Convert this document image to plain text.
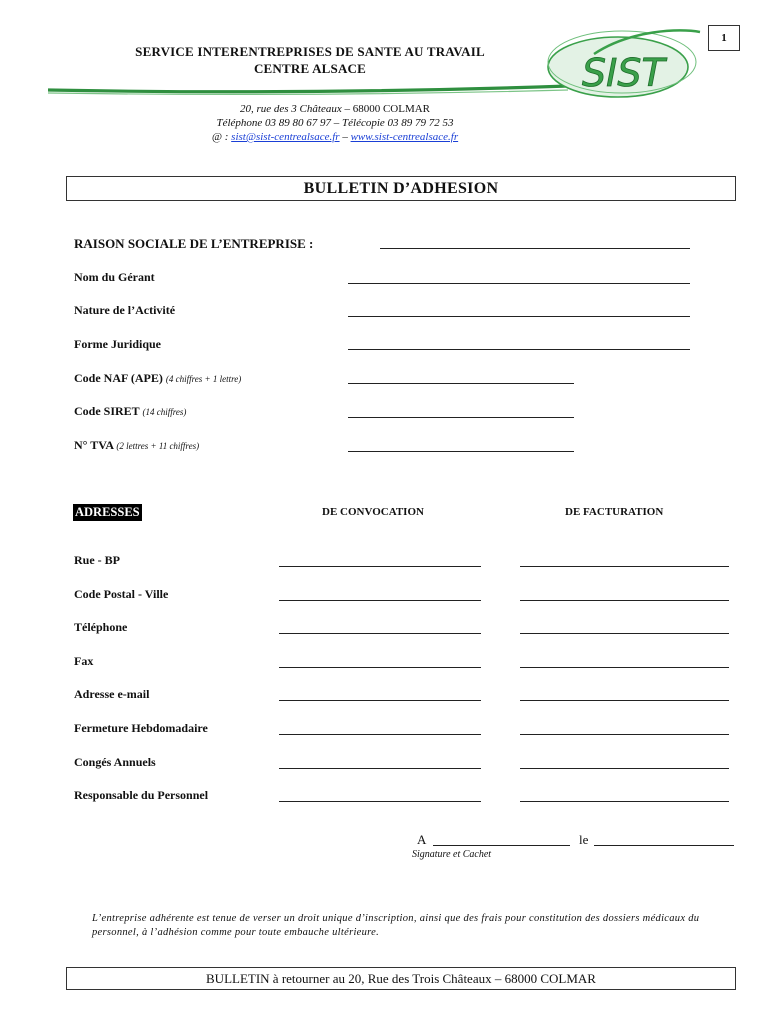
1
SERVICE INTERENTREPRISES DE SANTE AU TRAVAIL
CENTRE ALSACE	SIST
20, rue des 3 Châteaux – 68000 COLMAR
Téléphone 03 89 80 67 97 – Télécopie 03 89 79 72 53
@ : sist@sist-centrealsace.fr – www.sist-centrealsace.fr
BULLETIN D’ADHESION
RAISON SOCIALE DE L’ENTREPRISE :
Nom du Gérant
Nature de l’Activité
Forme Juridique
Code NAF (APE) (4 chiffres + 1 lettre)
Code SIRET (14 chiffres)
N° TVA (2 lettres + 11 chiffres)
ADRESSES	DE CONVOCATION	DE FACTURATION
Rue - BP
Code Postal - Ville
Téléphone
Fax
Adresse e-mail
Fermeture Hebdomadaire
Congés Annuels
Responsable du Personnel
A	le
Signature et Cachet
L’entreprise adhérente est tenue de verser un droit unique d’inscription, ainsi que des frais pour constitution des dossiers médicaux du personnel, à l’adhésion comme pour toute embauche ultérieure.
BULLETIN à retourner au 20, Rue des Trois Châteaux – 68000 COLMAR
